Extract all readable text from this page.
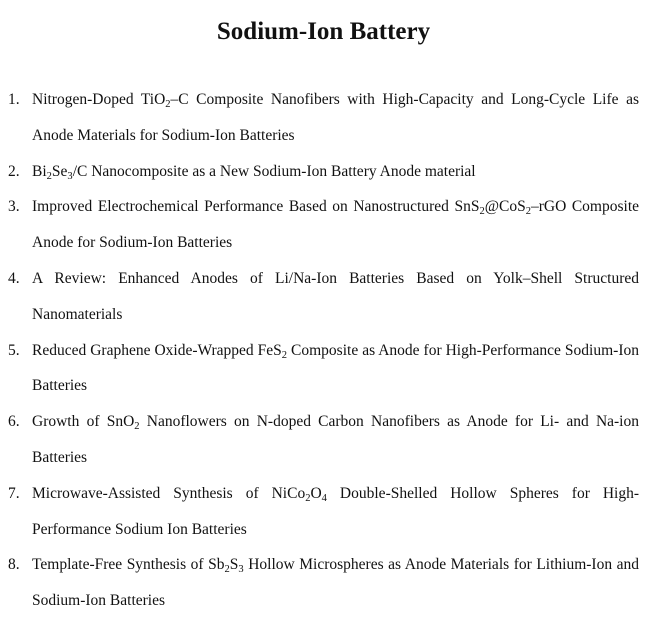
Sodium-Ion Battery
1. Nitrogen-Doped TiO$_2$–C Composite Nanofibers with High-Capacity and Long-Cycle Life as Anode Materials for Sodium-Ion Batteries
2. $Bi_2Se_3/C$ Nanocomposite as a New Sodium-Ion Battery Anode material
3. Improved Electrochemical Performance Based on Nanostructured SnS$_2$@CoS$_2$–rGO Composite Anode for Sodium-Ion Batteries
4. A Review: Enhanced Anodes of Li/Na-Ion Batteries Based on Yolk–Shell Structured Nanomaterials
5. Reduced Graphene Oxide-Wrapped FeS$_2$ Composite as Anode for High-Performance Sodium-Ion Batteries
6. Growth of SnO$_2$ Nanoflowers on N-doped Carbon Nanofibers as Anode for Li- and Na-ion Batteries
7. Microwave-Assisted Synthesis of $NiCo_2O_4$ Double-Shelled Hollow Spheres for High-Performance Sodium Ion Batteries
8. Template-Free Synthesis of $Sb_2S_3$ Hollow Microspheres as Anode Materials for Lithium-Ion and Sodium-Ion Batteries
